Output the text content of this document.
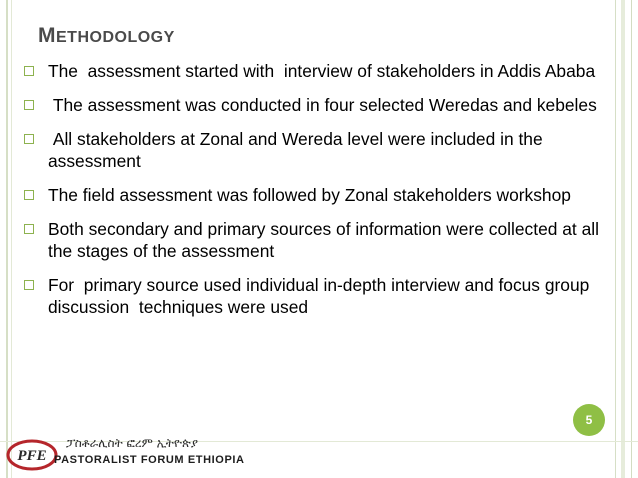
METHODOLOGY
The  assessment started with  interview of stakeholders in Addis Ababa
The assessment was conducted in four selected Weredas and kebeles
All stakeholders at Zonal and Wereda level were included in the assessment
The field assessment was followed by Zonal stakeholders workshop
Both secondary and primary sources of information were collected at all the stages of the assessment
For  primary source used individual in-depth interview and focus group discussion  techniques were used
5
PFE
ፓስቶራሊስት ፎረም ኢትዮጵያ
PASTORALIST FORUM ETHIOPIA
